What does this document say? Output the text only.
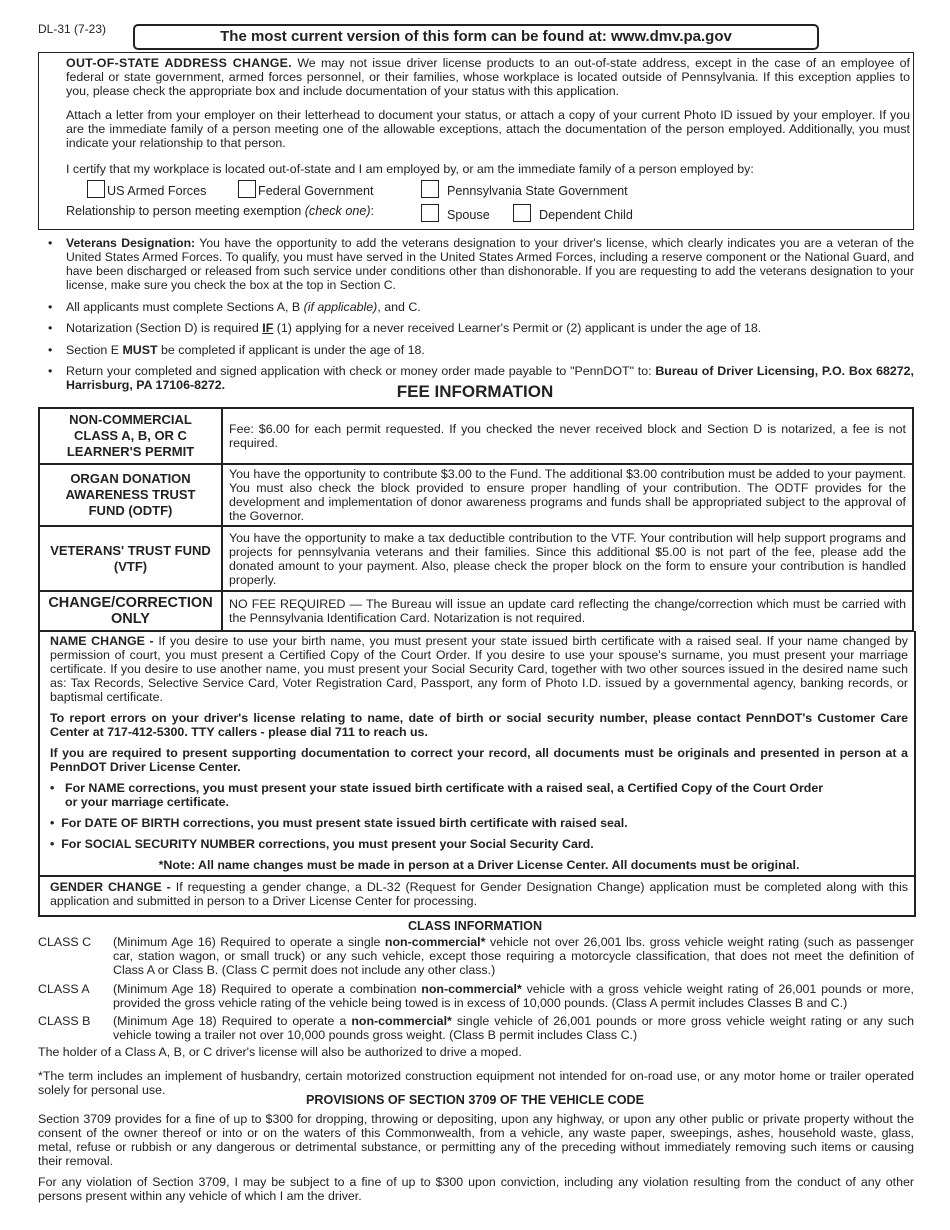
DL-31 (7-23)	The most current version of this form can be found at: www.dmv.pa.gov

OUT-OF-STATE ADDRESS CHANGE. We may not issue driver license products to an out-of-state address, except in the case of an employee of federal or state government, armed forces personnel, or their families, whose workplace is located outside of Pennsylvania. If this exception applies to you, please check the appropriate box and include documentation of your status with this application.

Attach a letter from your employer on their letterhead to document your status, or attach a copy of your current Photo ID issued by your employer. If you are the immediate family of a person meeting one of the allowable exceptions, attach the documentation of the person employed. Additionally, you must indicate your relationship to that person.

I certify that my workplace is located out-of-state and I am employed by, or am the immediate family of a person employed by:

US Armed Forces	Federal Government	Pennsylvania State Government
Relationship to person meeting exemption (check one):	Spouse	Dependent Child
• Veterans Designation: You have the opportunity to add the veterans designation to your driver's license, which clearly indicates you are a veteran of the United States Armed Forces. To qualify, you must have served in the United States Armed Forces, including a reserve component or the National Guard, and have been discharged or released from such service under conditions other than dishonorable. If you are requesting to add the veterans designation to your license, make sure you check the box at the top in Section C.
• All applicants must complete Sections A, B (if applicable), and C.
• Notarization (Section D) is required IF (1) applying for a never received Learner's Permit or (2) applicant is under the age of 18.
• Section E MUST be completed if applicant is under the age of 18.
• Return your completed and signed application with check or money order made payable to "PennDOT" to: Bureau of Driver Licensing, P.O. Box 68272, Harrisburg, PA 17106-8272.	FEE INFORMATION
NON-COMMERCIAL CLASS A, B, OR C LEARNER'S PERMIT	Fee: $6.00 for each permit requested. If you checked the never received block and Section D is notarized, a fee is not required.
ORGAN DONATION AWARENESS TRUST FUND (ODTF)	You have the opportunity to contribute $3.00 to the Fund. The additional $3.00 contribution must be added to your payment. You must also check the block provided to ensure proper handling of your contribution. The ODTF provides for the development and implementation of donor awareness programs and funds shall be appropriated subject to the approval of the Governor.
VETERANS' TRUST FUND (VTF)	You have the opportunity to make a tax deductible contribution to the VTF. Your contribution will help support programs and projects for pennsylvania veterans and their families. Since this additional $5.00 is not part of the fee, please add the donated amount to your payment. Also, please check the proper block on the form to ensure your contribution is handled properly.
CHANGE/CORRECTION ONLY	NO FEE REQUIRED — The Bureau will issue an update card reflecting the change/correction which must be carried with the Pennsylvania Identification Card. Notarization is not required.

NAME CHANGE - If you desire to use your birth name, you must present your state issued birth certificate with a raised seal. If your name changed by permission of court, you must present a Certified Copy of the Court Order. If you desire to use your spouse's surname, you must present your marriage certificate. If you desire to use another name, you must present your Social Security Card, together with two other sources issued in the desired name such as: Tax Records, Selective Service Card, Voter Registration Card, Passport, any form of Photo I.D. issued by a governmental agency, banking records, or baptismal certificate.

To report errors on your driver's license relating to name, date of birth or social security number, please contact PennDOT's Customer Care Center at 717-412-5300. TTY callers - please dial 711 to reach us.

If you are required to present supporting documentation to correct your record, all documents must be originals and presented in person at a PennDOT Driver License Center.

• For NAME corrections, you must present your state issued birth certificate with a raised seal, a Certified Copy of the Court Order or your marriage certificate.

•  For DATE OF BIRTH corrections, you must present state issued birth certificate with raised seal.

•  For SOCIAL SECURITY NUMBER corrections, you must present your Social Security Card.

*Note: All name changes must be made in person at a Driver License Center. All documents must be original.

GENDER CHANGE - If requesting a gender change, a DL-32 (Request for Gender Designation Change) application must be completed along with this application and submitted in person to a Driver License Center for processing.

CLASS INFORMATION
CLASS C (Minimum Age 16) Required to operate a single non-commercial* vehicle not over 26,001 lbs. gross vehicle weight rating (such as passenger car, station wagon, or small truck) or any such vehicle, except those requiring a motorcycle classification, that does not meet the definition of Class A or Class B. (Class C permit does not include any other class.)
CLASS A (Minimum Age 18) Required to operate a combination non-commercial* vehicle with a gross vehicle weight rating of 26,001 pounds or more, provided the gross vehicle rating of the vehicle being towed is in excess of 10,000 pounds. (Class A permit includes Classes B and C.)
CLASS B (Minimum Age 18) Required to operate a non-commercial* single vehicle of 26,001 pounds or more gross vehicle weight rating or any such vehicle towing a trailer not over 10,000 pounds gross weight. (Class B permit includes Class C.)
The holder of a Class A, B, or C driver's license will also be authorized to drive a moped.
*The term includes an implement of husbandry, certain motorized construction equipment not intended for on-road use, or any motor home or trailer operated solely for personal use.
PROVISIONS OF SECTION 3709 OF THE VEHICLE CODE
Section 3709 provides for a fine of up to $300 for dropping, throwing or depositing, upon any highway, or upon any other public or private property without the consent of the owner thereof or into or on the waters of this Commonwealth, from a vehicle, any waste paper, sweepings, ashes, household waste, glass, metal, refuse or rubbish or any dangerous or detrimental substance, or permitting any of the preceding without immediately removing such items or causing their removal.
For any violation of Section 3709, I may be subject to a fine of up to $300 upon conviction, including any violation resulting from the conduct of any other persons present within any vehicle of which I am the driver.
